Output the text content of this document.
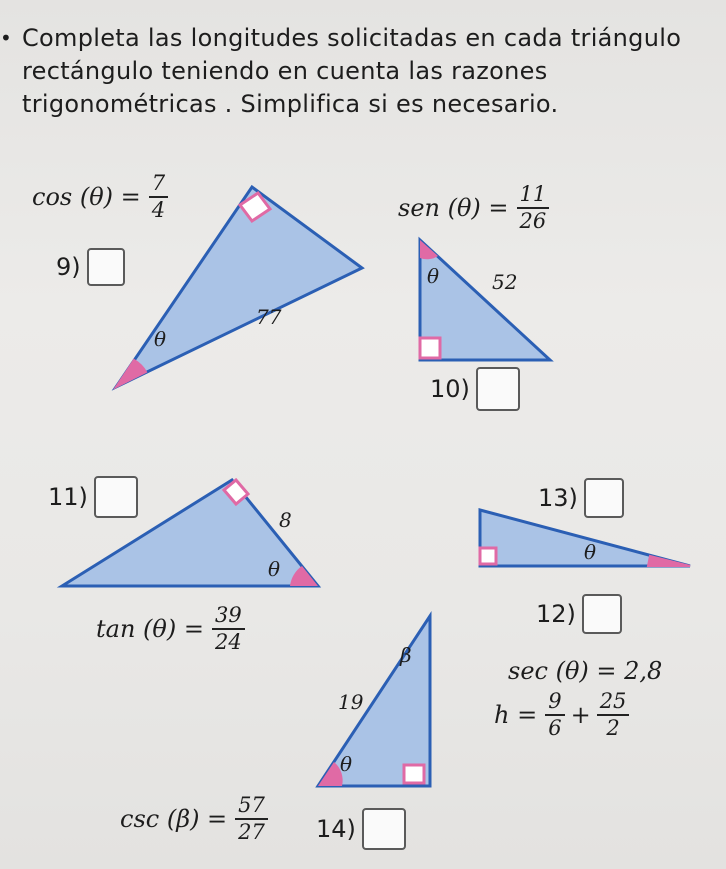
• Completa las longitudes solicitadas en cada triángulo rectángulo teniendo en cuenta las razones trigonométricas . Simplifica si es necesario.
$\cos (\theta) = \frac{7}{4}$
9)
77
θ
sen $(\theta) = \frac{11}{26}$
θ	52
10)
11)
8
θ
$\tan (\theta) = \frac{39}{24}$
13)
θ
12)
sec (θ) = 2,8
$h = \frac{9}{6} + \frac{25}{2}$
β
19
θ
$\csc (\beta) = \frac{57}{27} 14$)
